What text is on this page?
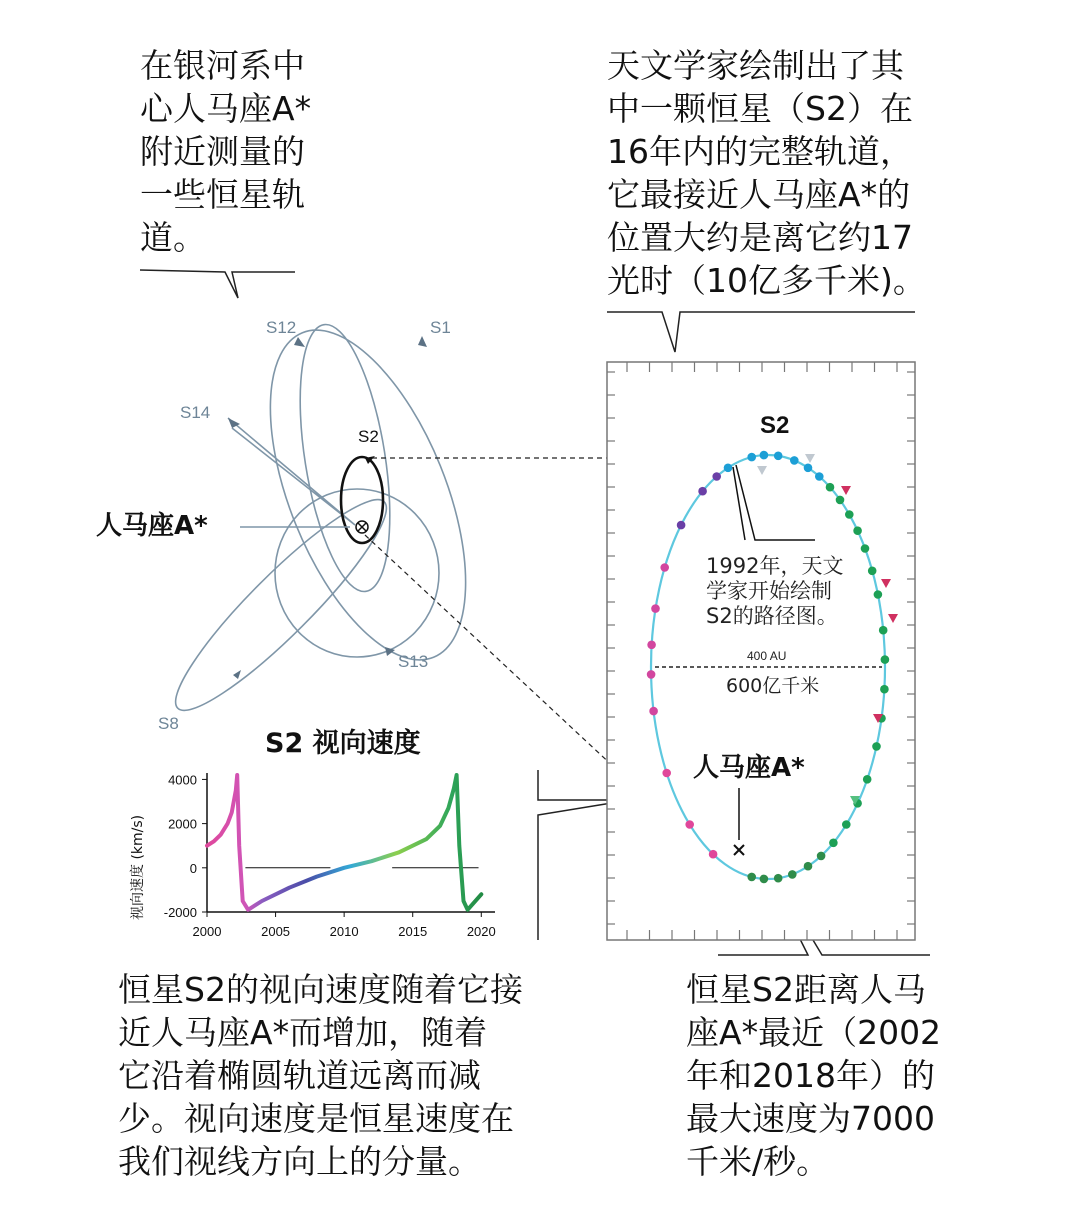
在银河系中
心人马座A*
附近测量的
一些恒星轨
道。
天文学家绘制出了其
中一颗恒星（S2）在
16年内的完整轨道，
它最接近人马座A*的
位置大约是离它约17
光时（10亿多千米)。
恒星S2的视向速度随着它接
近人马座A*而增加，随着
它沿着椭圆轨道远离而减
少。视向速度是恒星速度在
我们视线方向上的分量。
恒星S2距离人马
座A*最近（2002
年和2018年）的
最大速度为7000
千米/秒。
S12	S1
S14
S13
S8
S2
人马座A*
S2
1992年，天文
学家开始绘制
S2的路径图。
400 AU
600亿千米
人马座A*
S2 视向速度
视向速度 (km/s)
2000	2005	2010	2015	2020
4000
2000
0
-2000
